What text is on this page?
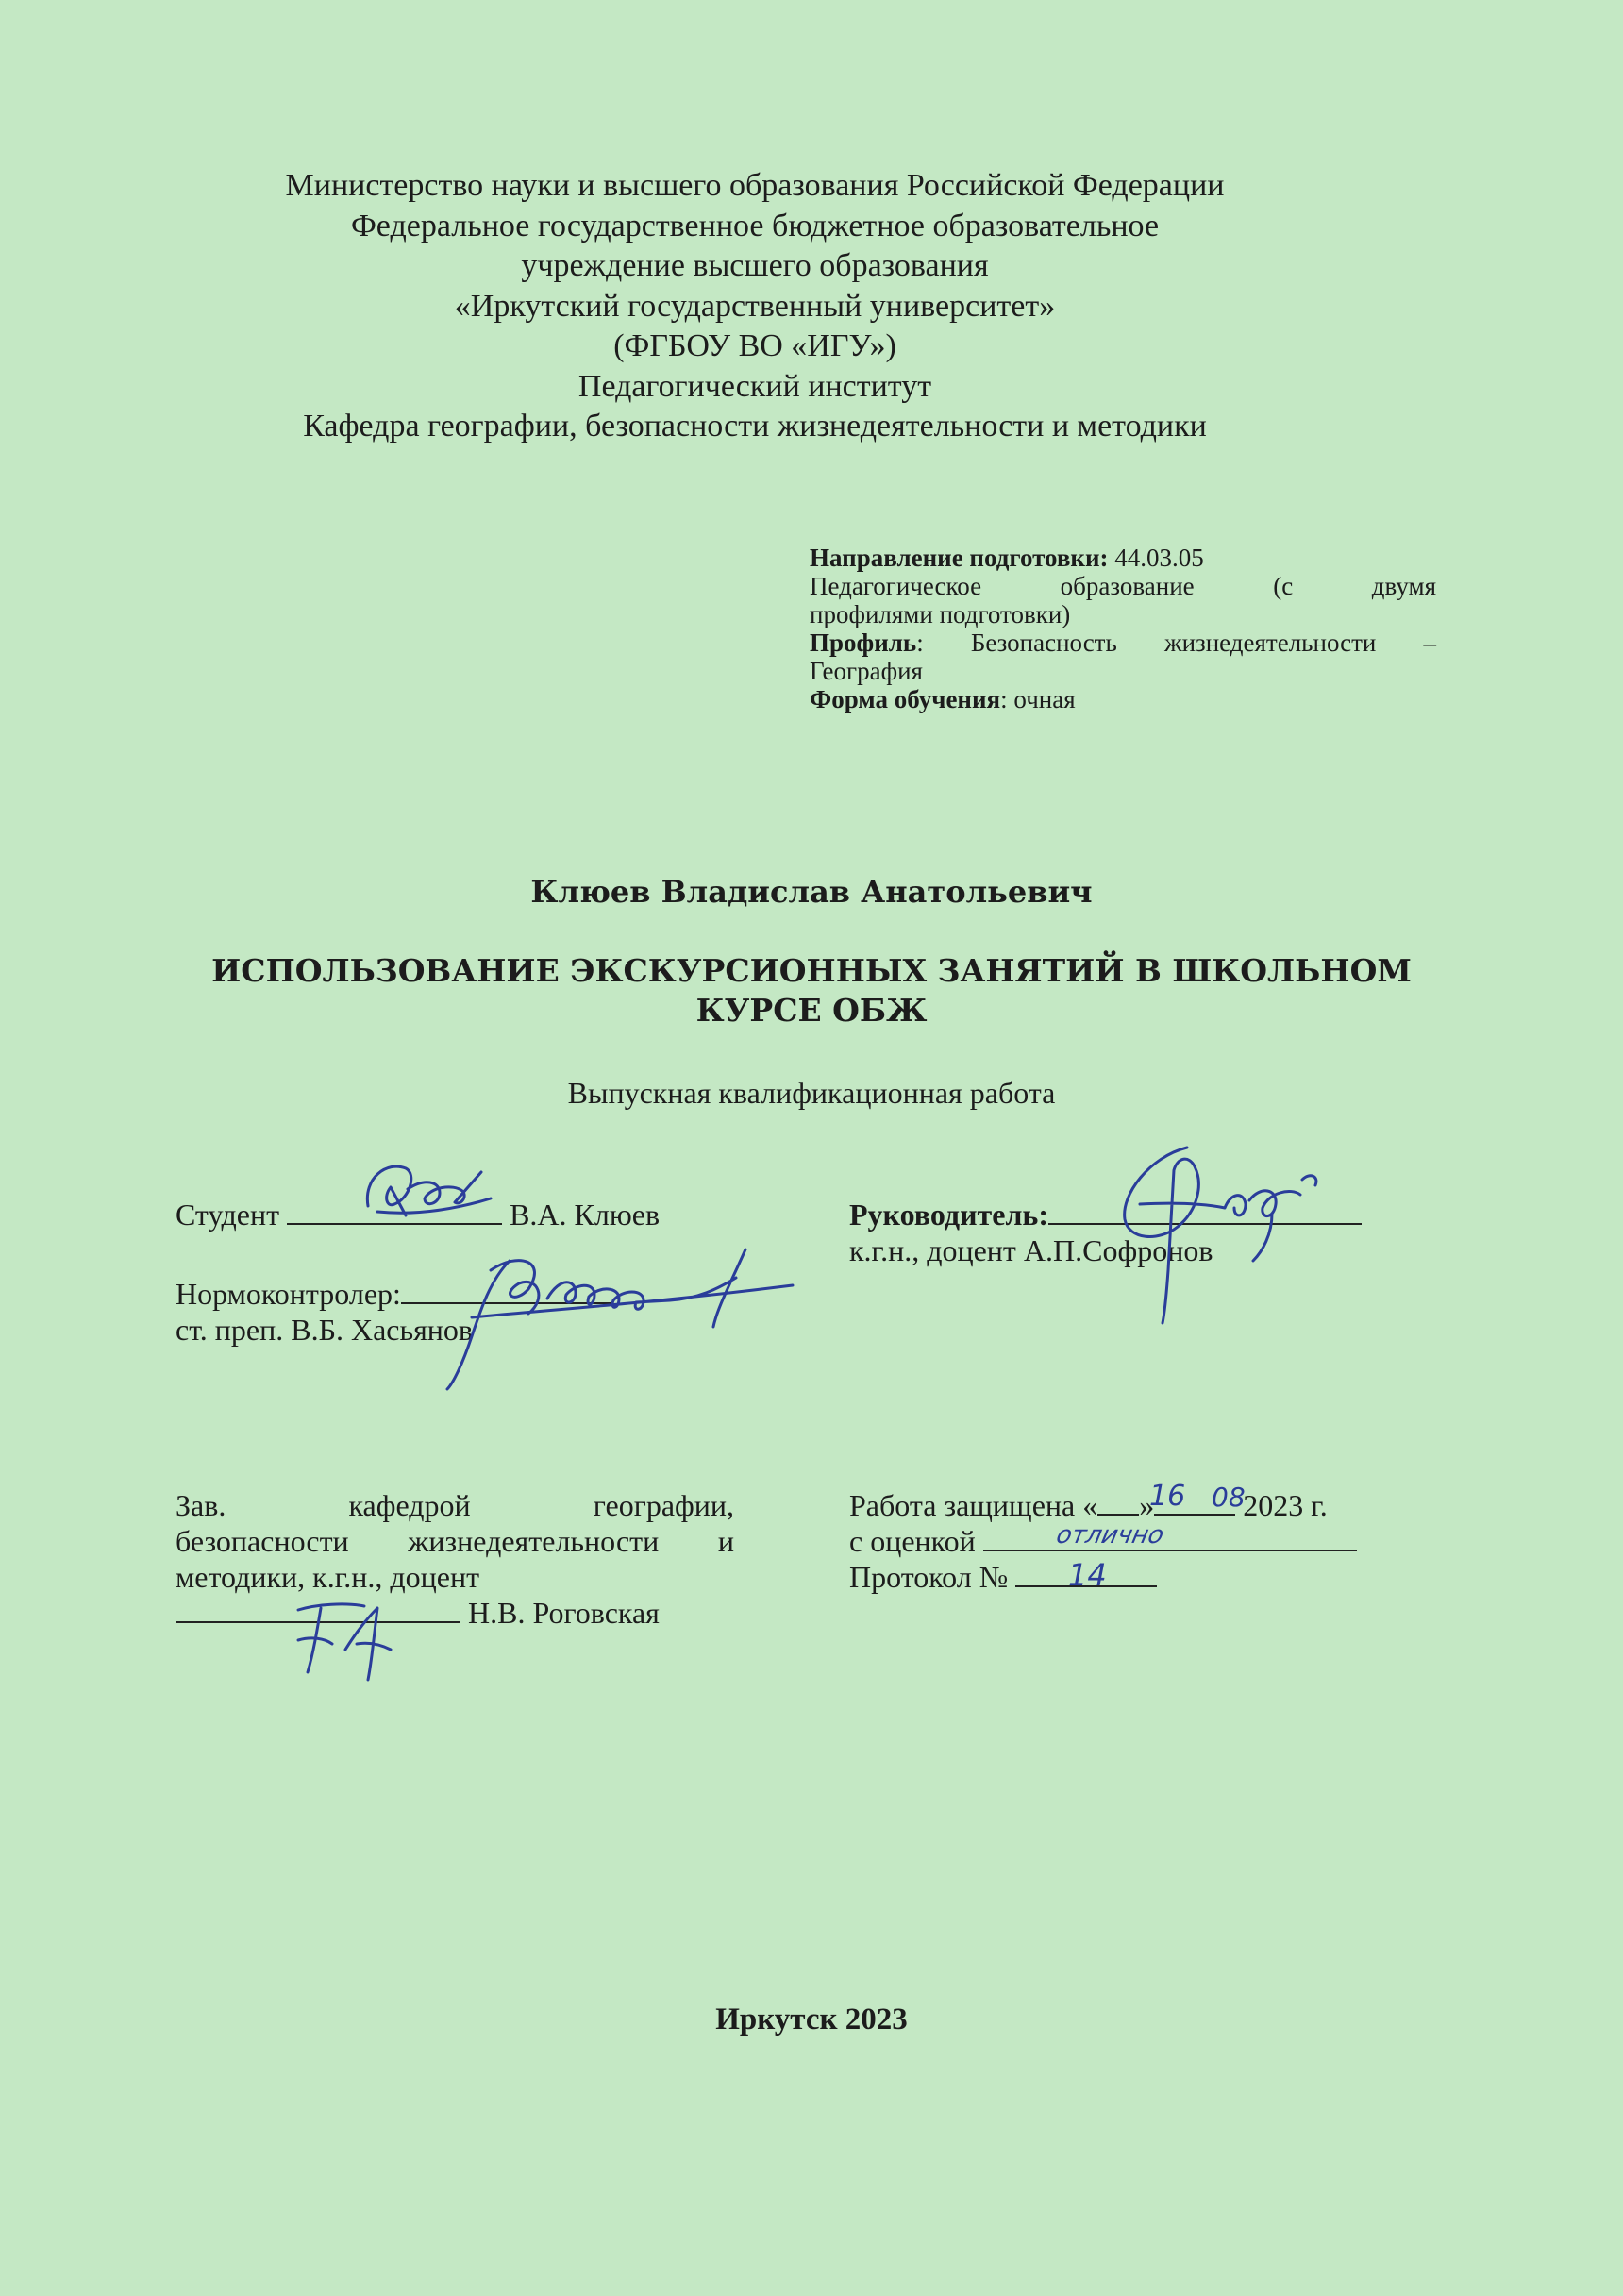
Министерство науки и высшего образования Российской Федерации
Федеральное государственное бюджетное образовательное
учреждение высшего образования
«Иркутский государственный университет»
(ФГБОУ ВО «ИГУ»)
Педагогический институт
Кафедра географии, безопасности жизнедеятельности и методики
Направление подготовки: 44.03.05
Педагогическое образование (с двумя
профилями подготовки)
Профиль: Безопасность жизнедеятельности –
География
Форма обучения: очная
Клюев Владислав Анатольевич
ИСПОЛЬЗОВАНИЕ ЭКСКУРСИОННЫХ ЗАНЯТИЙ В ШКОЛЬНОМ
КУРСЕ ОБЖ
Выпускная квалификационная работа
Студент	В.А. Клюев	Руководитель:
к.г.н., доцент А.П.Софронов
Нормоконтролер:
ст. преп. В.Б. Хасьянов
Зав. кафедрой географии,
безопасности жизнедеятельности и
методики, к.г.н., доцент
Н.В. Роговская
Работа защищена « »	2023 г.
с оценкой
Протокол №
16 08
отлично
14
Иркутск 2023
